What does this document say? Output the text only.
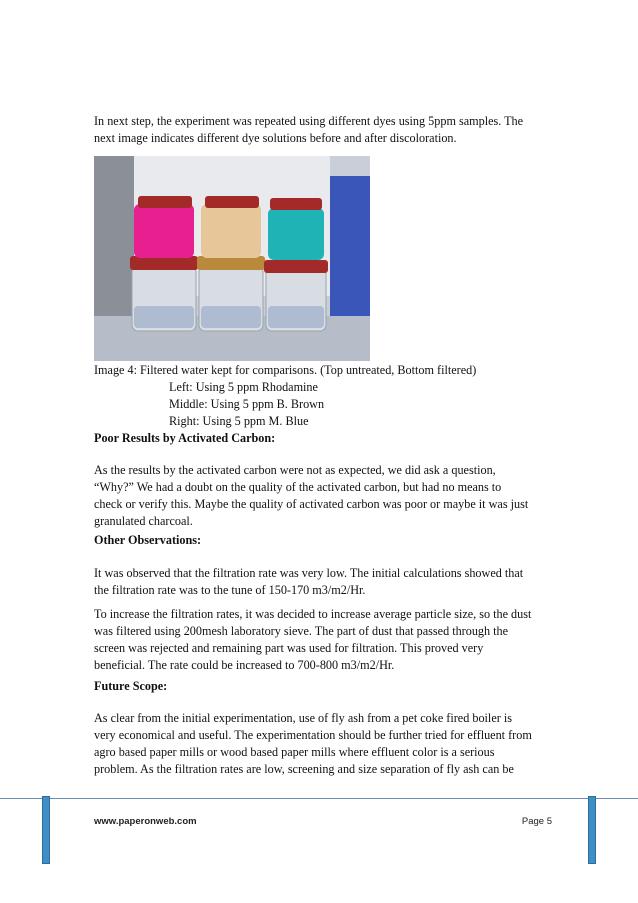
In next step, the experiment was repeated using different dyes using 5ppm samples. The
next image indicates different dye solutions before and after discoloration.

Image 4: Filtered water kept for comparisons. (Top untreated, Bottom filtered)
Left: Using 5 ppm Rhodamine
Middle: Using 5 ppm B. Brown
Right: Using 5 ppm M. Blue
Poor Results by Activated Carbon:

As the results by the activated carbon were not as expected, we did ask a question,
“Why?” We had a doubt on the quality of the activated carbon, but had no means to
check or verify this. Maybe the quality of activated carbon was poor or maybe it was just
granulated charcoal.

Other Observations:

It was observed that the filtration rate was very low. The initial calculations showed that
the filtration rate was to the tune of 150-170 m3/m2/Hr.

To increase the filtration rates, it was decided to increase average particle size, so the dust
was filtered using 200mesh laboratory sieve. The part of dust that passed through the
screen was rejected and remaining part was used for filtration. This proved very
beneficial. The rate could be increased to 700-800 m3/m2/Hr.

Future Scope:

As clear from the initial experimentation, use of fly ash from a pet coke fired boiler is
very economical and useful. The experimentation should be further tried for effluent from
agro based paper mills or wood based paper mills where effluent color is a serious
problem. As the filtration rates are low, screening and size separation of fly ash can be

www.paperonweb.com	Page 5
